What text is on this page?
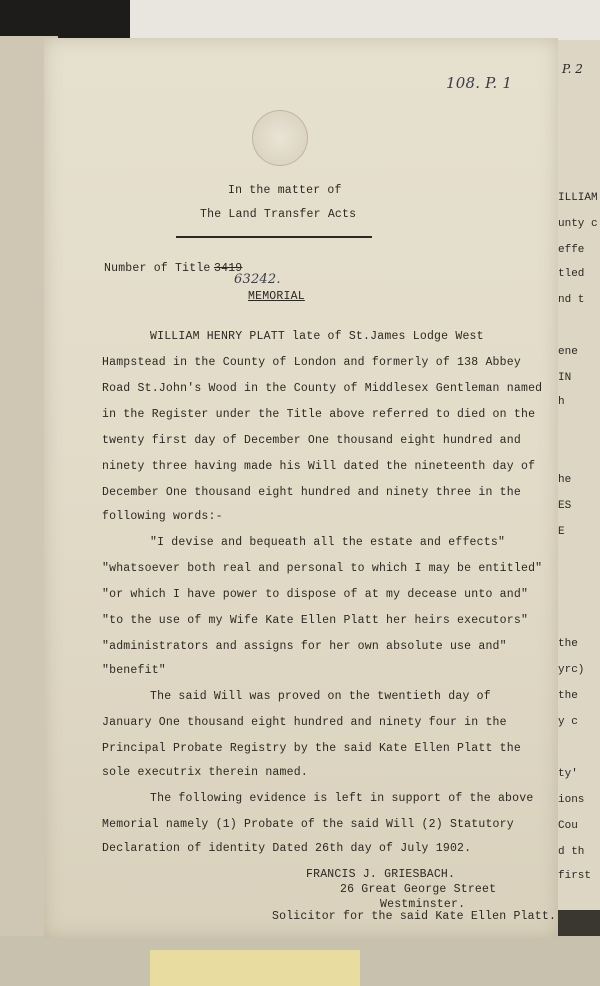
P. 2
ILLIAM
unty c
effe
tled
nd t
ene
IN
h
he
ES
E
the
yrc)
the
y c
ty'
ions
Cou
d th
first
108. P. 1
In the matter of
The Land Transfer Acts
Number of Title 3419
63242.
MEMORIAL
WILLIAM HENRY PLATT late of St.James Lodge West
Hampstead in the County of London and formerly of 138 Abbey
Road St.John's Wood in the County of Middlesex Gentleman named
in the Register under the Title above referred to died on the
twenty first day of December One thousand eight hundred and
ninety three having made his Will dated the nineteenth day of
December One thousand eight hundred and ninety three in the
following words:-
"I devise and bequeath all the estate and effects"
"whatsoever both real and personal to which I may be entitled"
"or which I have power to dispose of at my decease unto and"
"to the use of my Wife Kate Ellen Platt her heirs executors"
"administrators and assigns for her own absolute use and"
"benefit"
The said Will was proved on the twentieth day of
January One thousand eight hundred and ninety four in the
Principal Probate Registry by the said Kate Ellen Platt the
sole executrix therein named.
The following evidence is left in support of the above
Memorial namely (1) Probate of the said Will (2) Statutory
Declaration of identity Dated 26th day of July 1902.
FRANCIS J. GRIESBACH.
26 Great George Street
Westminster.
Solicitor for the said Kate Ellen Platt.
